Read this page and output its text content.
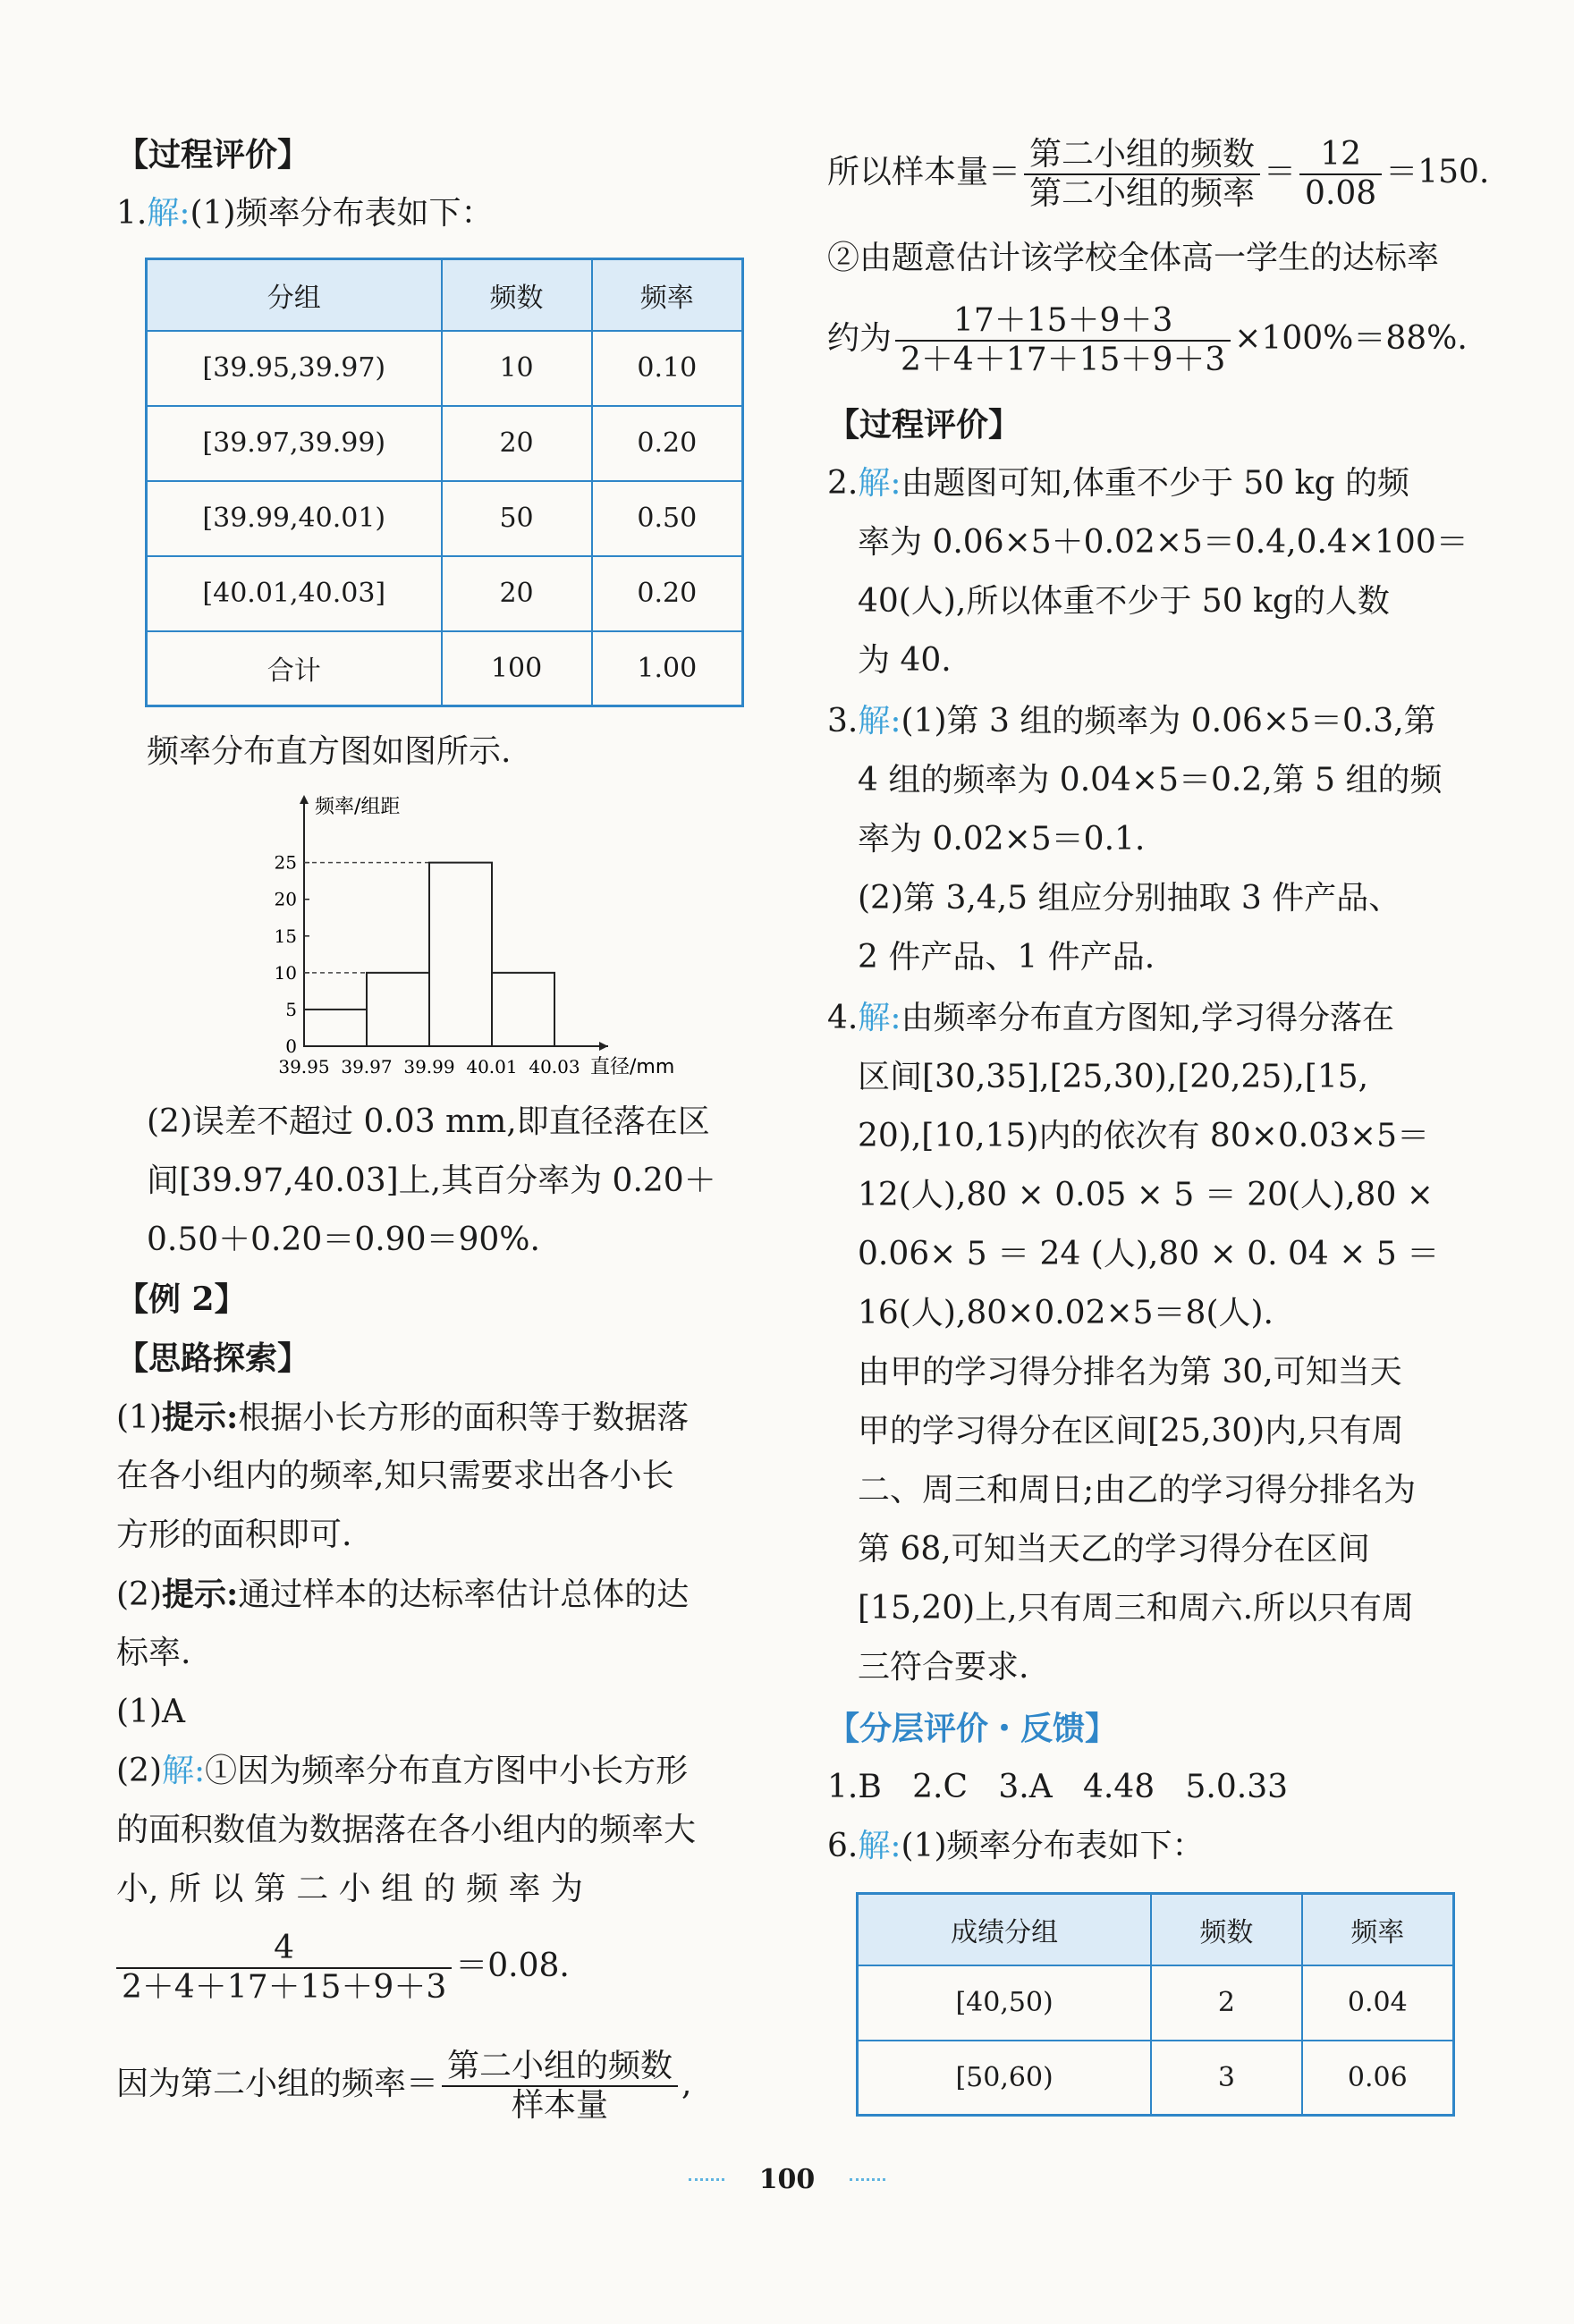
【过程评价】
1.解:(1)频率分布表如下：
分组	频数	频率
[39.95,39.97)	10	0.10
[39.97,39.99)	20	0.20
[39.99,40.01)	50	0.50
[40.01,40.03]	20	0.20
合计	100	1.00
频率分布直方图如图所示.
0
5
10
15
20
25
39.95 39.97 39.99 40.01 40.03
频率/组距
直径/mm
(2)误差不超过 0.03 mm,即直径落在区
间[39.97,40.03]上,其百分率为 0.20＋
0.50＋0.20＝0.90＝90%.
【例 2】
【思路探索】
(1)提示:根据小长方形的面积等于数据落
在各小组内的频率,知只需要求出各小长
方形的面积即可.
(2)提示:通过样本的达标率估计总体的达
标率.
(1)A
(2)解:①因为频率分布直方图中小长方形
的面积数值为数据落在各小组内的频率大
小, 所 以 第 二 小 组 的 频 率 为
$\frac{4}{2+4+17+15+9+3} =0.08$.
因为第二小组的频率＝ $\frac{\text{第二小组的频数}}{\text{样本量}}$ ,
所以样本量＝ $\frac{\text{第二小组的频数}}{\text{第二小组的频率}} = \frac{12}{0.08} =150$.
②由题意估计该学校全体高一学生的达标率
约为 $\frac{17+15+9+3}{2+4+17+15+9+3} \times 100\%=88\%$.
【过程评价】
2.解:由题图可知,体重不少于 50 kg 的频
率为 0.06×5＋0.02×5＝0.4,0.4×100＝
40(人),所以体重不少于 50 kg的人数
为 40.
3.解:(1)第 3 组的频率为 0.06×5＝0.3,第
4 组的频率为 0.04×5＝0.2,第 5 组的频
率为 0.02×5＝0.1.
(2)第 3,4,5 组应分别抽取 3 件产品、
2 件产品、1 件产品.
4.解:由频率分布直方图知,学习得分落在
区间[30,35],[25,30),[20,25),[15,
20),[10,15)内的依次有 80×0.03×5＝
12(人),80 × 0.05 × 5 ＝ 20(人),80 ×
0.06× 5 ＝ 24 (人),80 × 0. 04 × 5 ＝
16(人),80×0.02×5＝8(人).
由甲的学习得分排名为第 30,可知当天
甲的学习得分在区间[25,30)内,只有周
二、周三和周日;由乙的学习得分排名为
第 68,可知当天乙的学习得分在区间
[15,20)上,只有周三和周六.所以只有周
三符合要求.
【分层评价・反馈】
1.B   2.C   3.A   4.48   5.0.33
6.解:(1)频率分布表如下：
成绩分组	频数	频率
[40,50)	2	0.04
[50,60)	3	0.06
100
